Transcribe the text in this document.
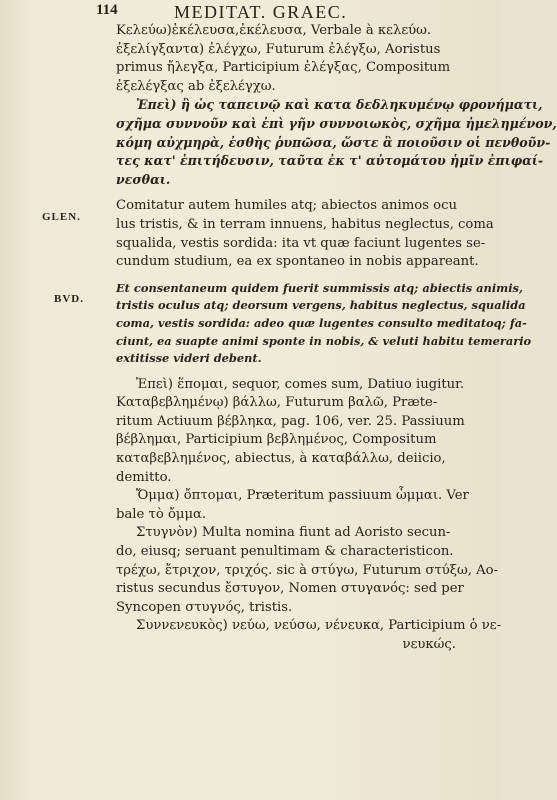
114	MEDITAT. GRAEC.
GLEN.
BVD.
Κελεύω)ἐκέλευσα,ἐκέλευσα, Verbale à κελεύω.
ἐξελίγξαντα) ἐλέγχω, Futurum ἐλέγξω, Aoristus
primus ἤλεγξα, Participium ἐλέγξας, Compositum
ἐξελέγξας ab ἐξελέγχω.
Ἐπεὶ) ἢ ὡς ταπεινῷ καὶ κατα δεδληκυμένῳ φρονήματι,
σχῆμα συννοῦν καὶ ἐπὶ γῆν συννοιωκὸς, σχῆμα ἠμελημένον,
κόμη αὐχμηρὰ, ἐσθὴς ῥυπῶσα, ὥστε ἃ ποιοῦσιν οἱ πενθοῦν-
τες κατ' ἐπιτήδευσιν, ταῦτα ἐκ τ' αὐτομάτου ἡμῖν ἐπιφαί-
νεσθαι.
Comitatur autem humiles atq; abiectos animos ocu
lus tristis, & in terram innuens, habitus neglectus, coma
squalida, vestis sordida: ita vt quæ faciunt lugentes se-
cundum studium, ea ex spontaneo in nobis appareant.
Et consentaneum quidem fuerit summissis atq; abiectis animis,
tristis oculus atq; deorsum vergens, habitus neglectus, squalida
coma, vestis sordida: adeo quæ lugentes consulto meditatoq; fa-
ciunt, ea suapte animi sponte in nobis, & veluti habitu temerario
extitisse videri debent.
Ἐπεὶ) ἕπομαι, sequor, comes sum, Datiuo iugitur.
Καταβεβλημένῳ) βάλλω, Futurum βαλῶ, Præte-
ritum Actiuum βέβληκα, pag. 106, ver. 25. Passiuum
βέβλημαι, Participium βεβλημένος, Compositum
καταβεβλημένος, abiectus, à καταβάλλω, deiicio,
demitto.
Ὄμμα) ὄπτομαι, Præteritum passiuum ὦμμαι. Ver
bale τὸ ὄμμα.
Στυγνὸν) Multa nomina fiunt ad Aoristo secun-
do, eiusq; seruant penultimam & characteristicon.
τρέχω, ἔτριχον, τριχός. sic à στύγω, Futurum στύξω, Ao-
ristus secundus ἔστυγον, Nomen στυγανός: sed per
Syncopen στυγνός, tristis.
Συννενευκὸς) νεύω, νεύσω, νένευκα, Participium ὁ νε-
νευκώς.
